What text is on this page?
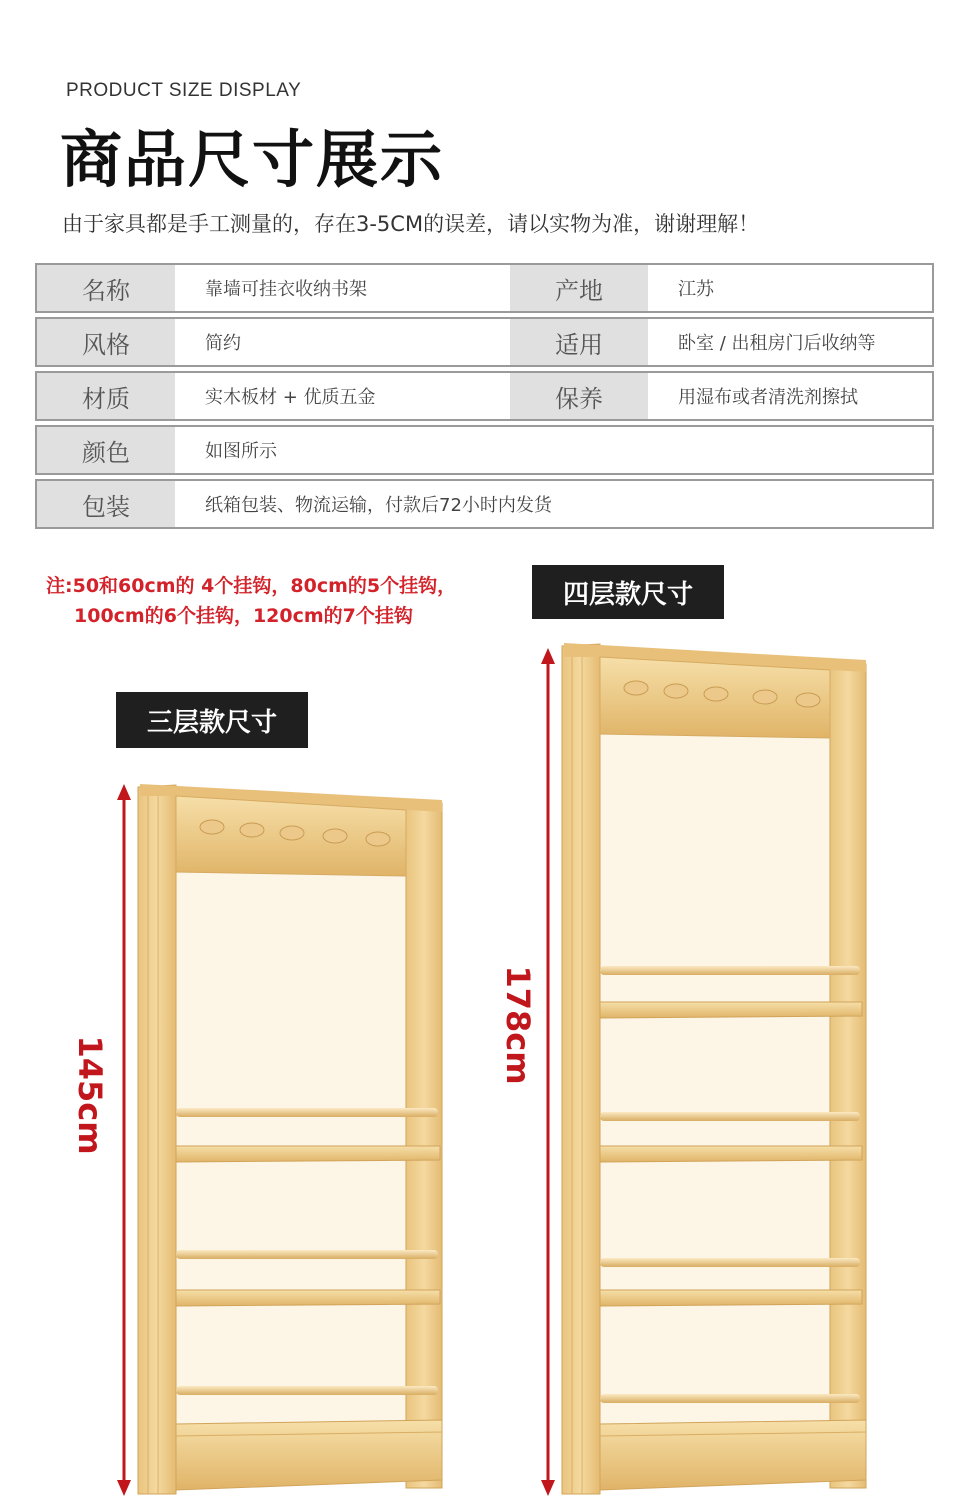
PRODUCT SIZE DISPLAY
商品尺寸展示
由于家具都是手工测量的，存在3-5CM的误差，请以实物为准，谢谢理解！
名称	靠墙可挂衣收纳书架	产地	江苏
风格	简约	适用	卧室 / 出租房门后收纳等
材质	实木板材 + 优质五金	保养	用湿布或者清洗剂擦拭
颜色	如图所示
包装	纸箱包装、物流运输，付款后72小时内发货
注:50和60cm的 4个挂钩，80cm的5个挂钩，
100cm的6个挂钩，120cm的7个挂钩
四层款尺寸
三层款尺寸
145cm
178cm
